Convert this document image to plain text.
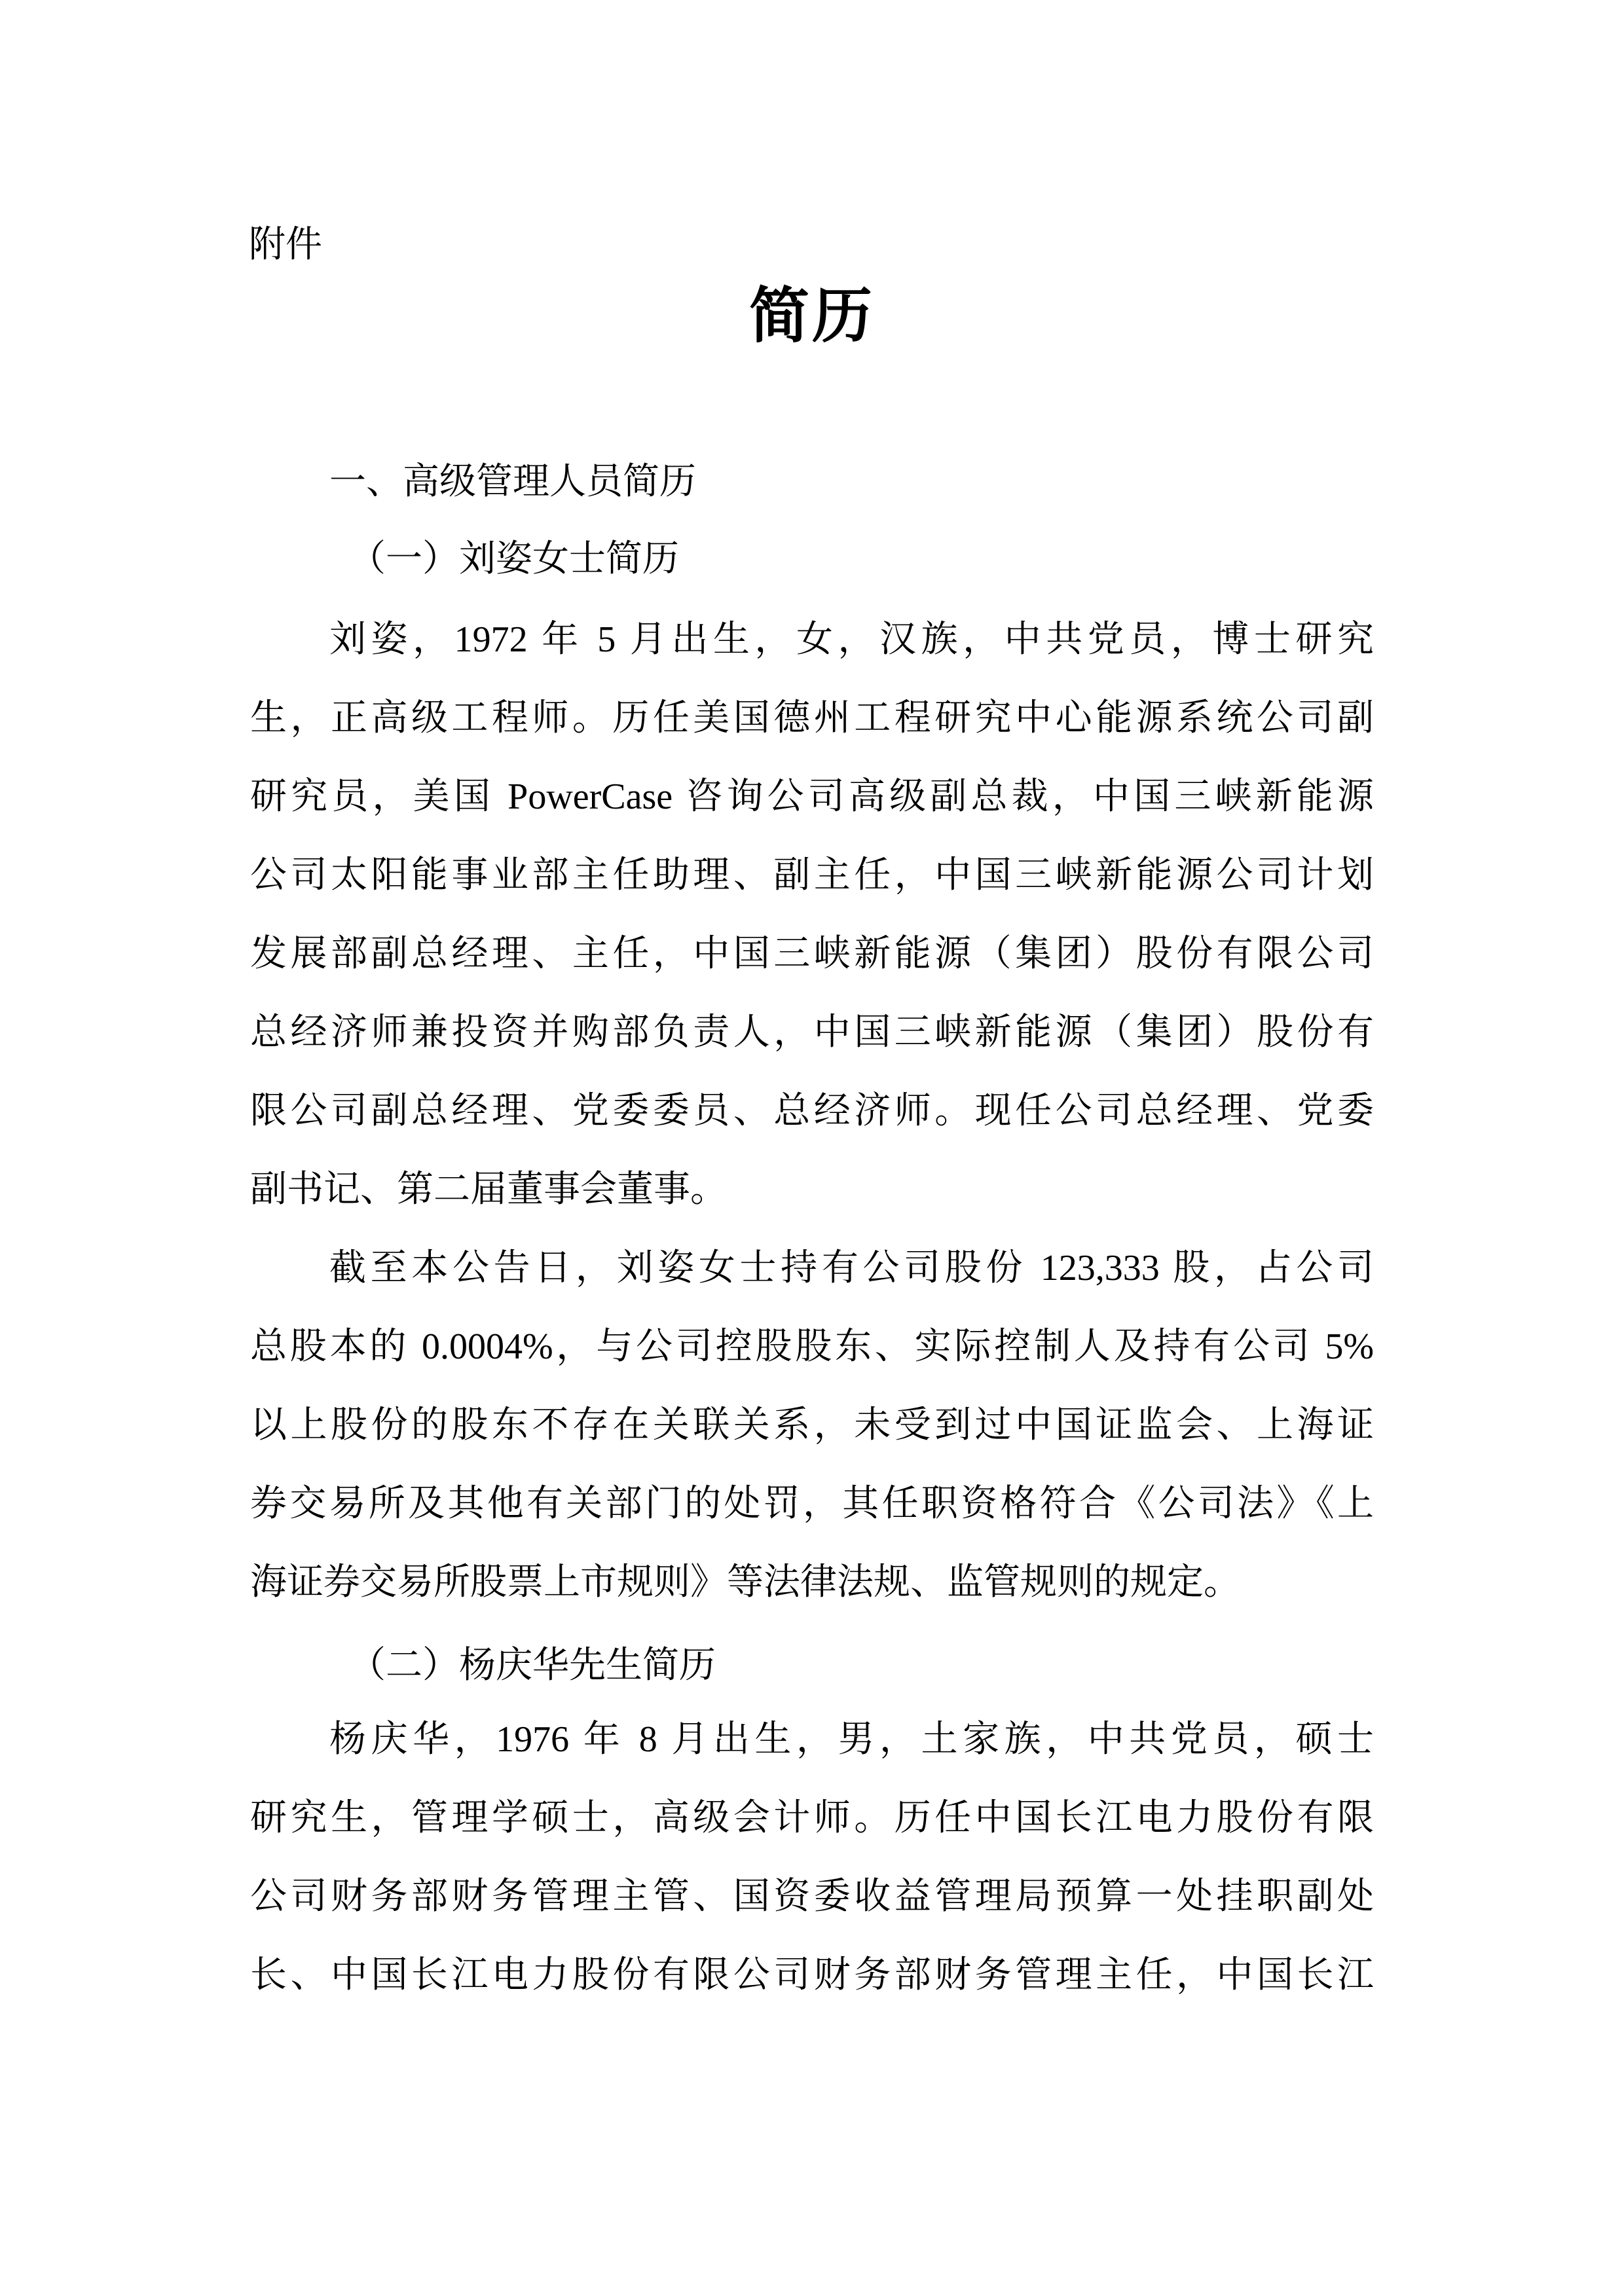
附件
简历
一、高级管理人员简历
（一）刘姿女士简历
刘姿，1972 年 5 月出生，女，汉族，中共党员，博士研究
生，正高级工程师。历任美国德州工程研究中心能源系统公司副
研究员，美国 PowerCase 咨询公司高级副总裁，中国三峡新能源
公司太阳能事业部主任助理、副主任，中国三峡新能源公司计划
发展部副总经理、主任，中国三峡新能源（集团）股份有限公司
总经济师兼投资并购部负责人，中国三峡新能源（集团）股份有
限公司副总经理、党委委员、总经济师。现任公司总经理、党委
副书记、第二届董事会董事。
截至本公告日，刘姿女士持有公司股份 123,333 股，占公司
总股本的 0.0004%，与公司控股股东、实际控制人及持有公司 5%
以上股份的股东不存在关联关系，未受到过中国证监会、上海证
券交易所及其他有关部门的处罚，其任职资格符合《公司法》《上
海证券交易所股票上市规则》等法律法规、监管规则的规定。
（二）杨庆华先生简历
杨庆华，1976 年 8 月出生，男，土家族，中共党员，硕士
研究生，管理学硕士，高级会计师。历任中国长江电力股份有限
公司财务部财务管理主管、国资委收益管理局预算一处挂职副处
长、中国长江电力股份有限公司财务部财务管理主任，中国长江
